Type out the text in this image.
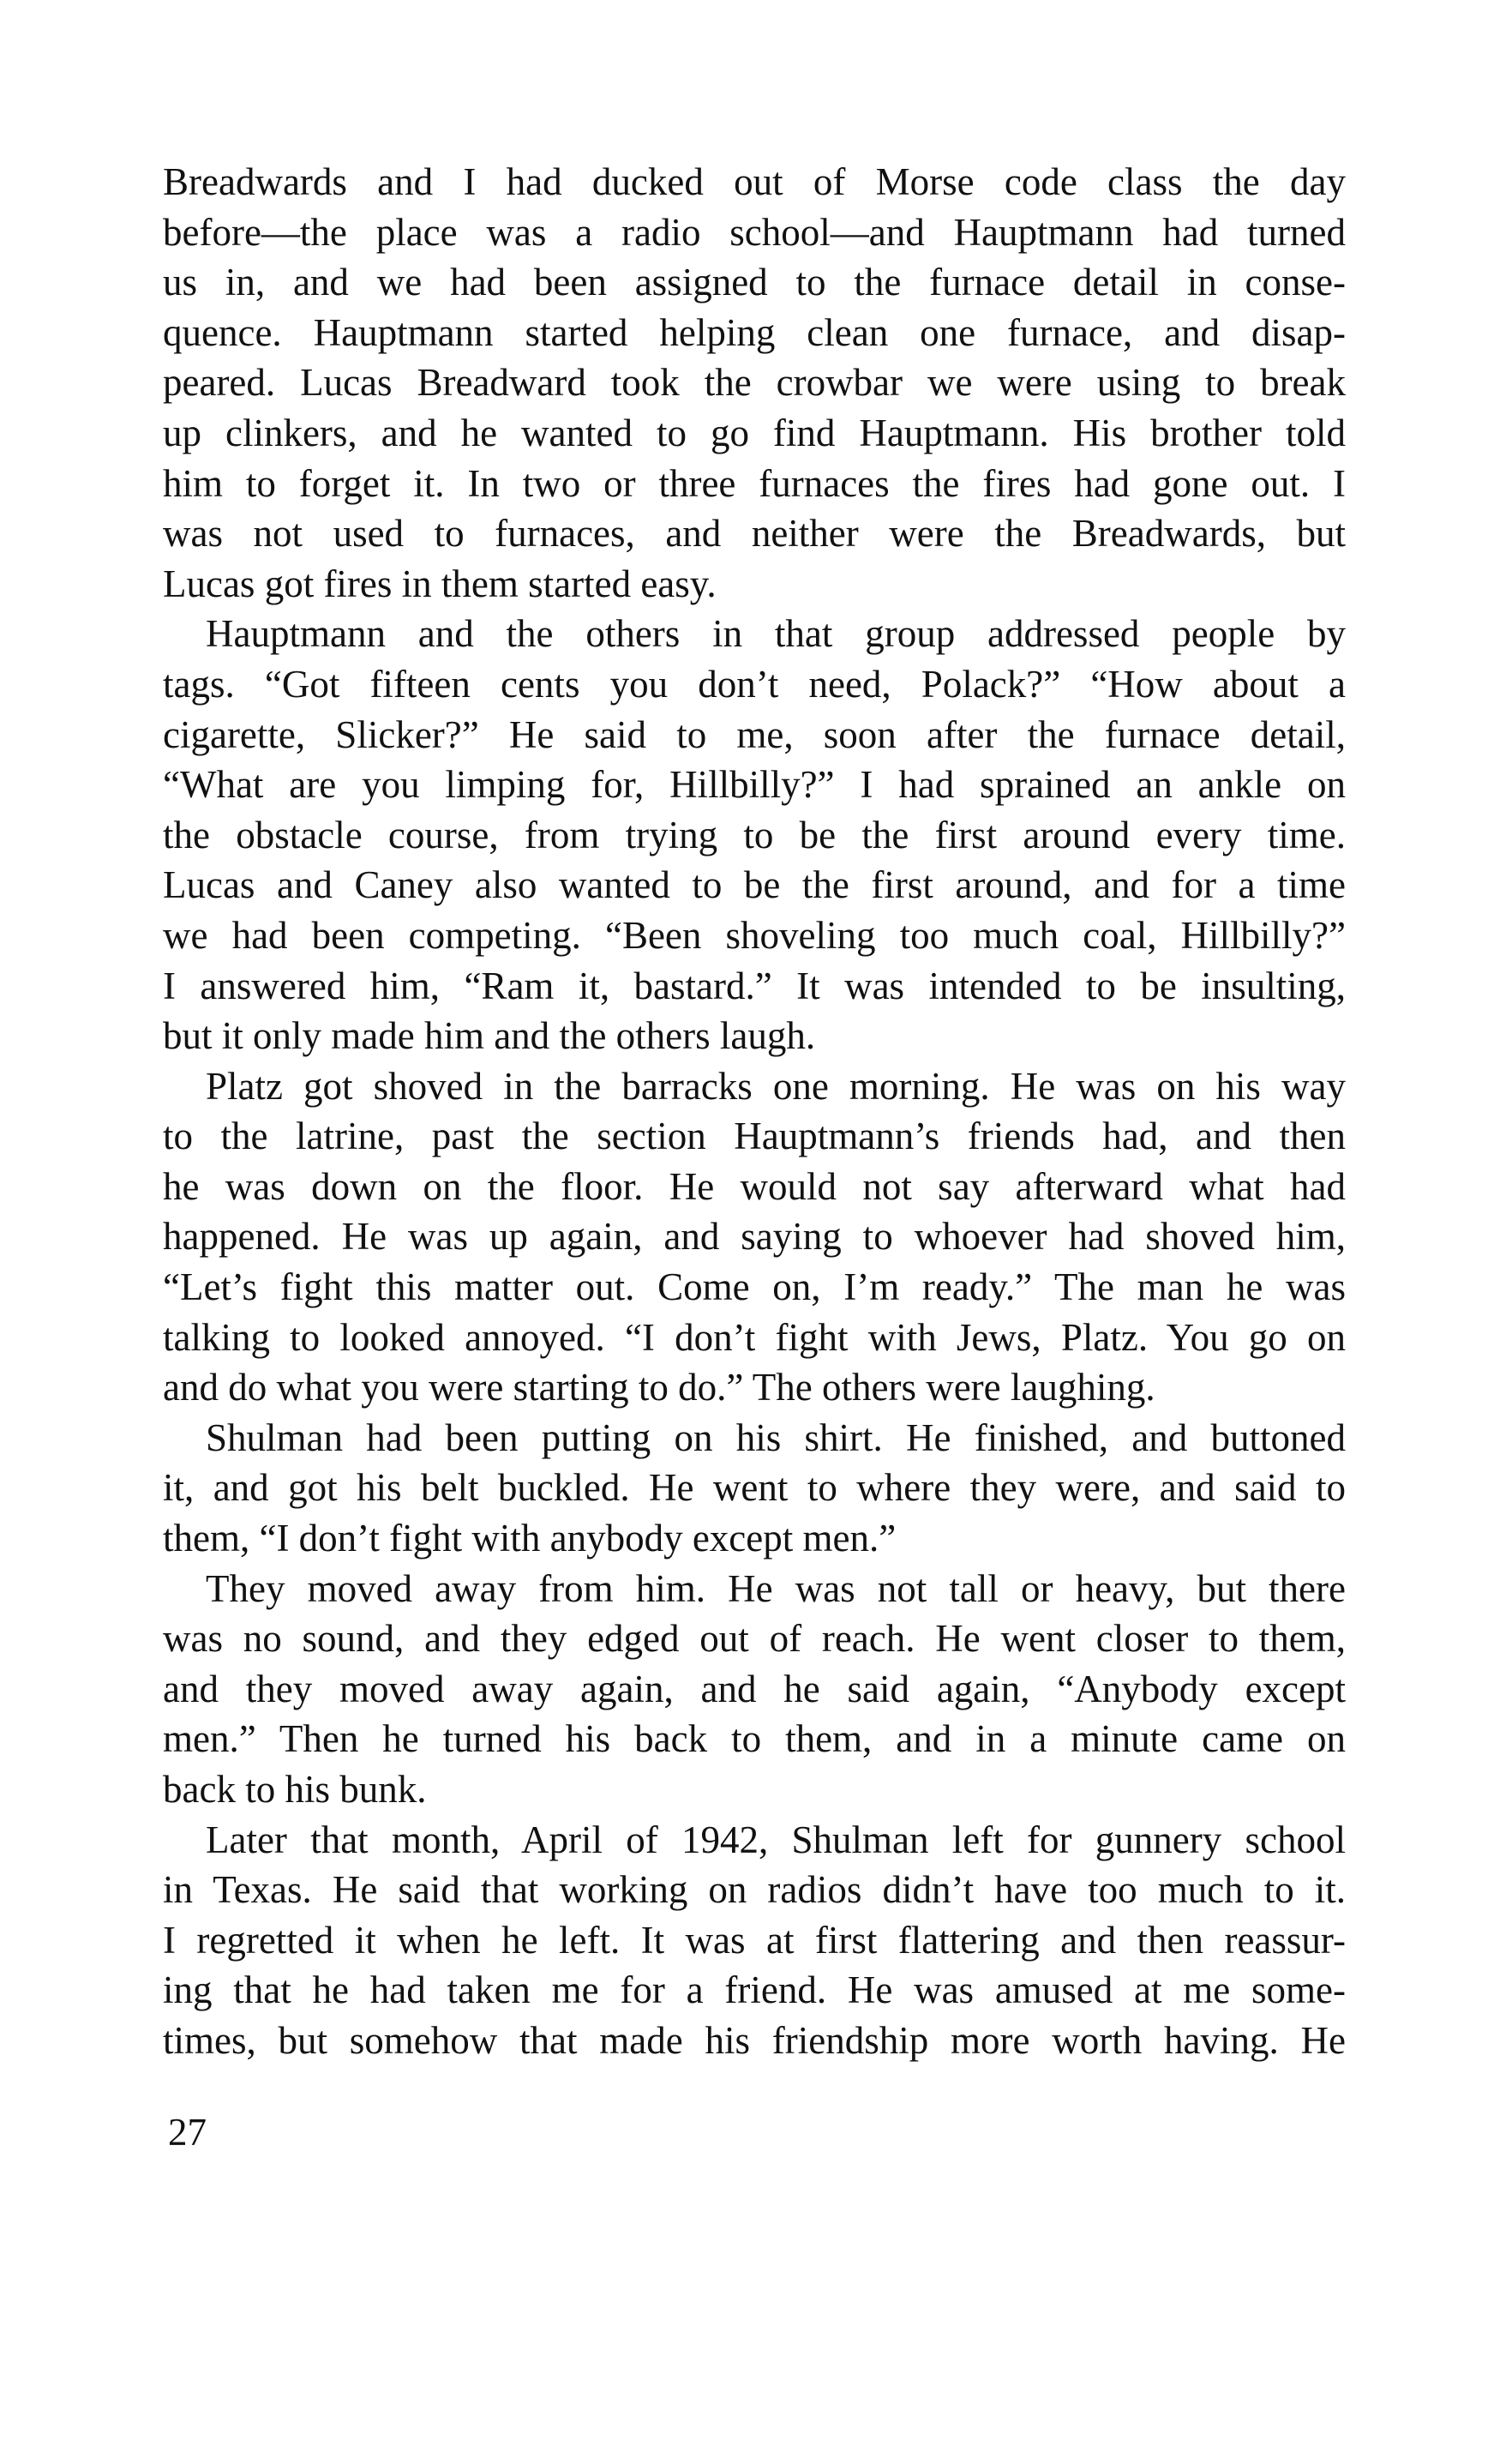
Breadwards and I had ducked out of Morse code class the day
before—the place was a radio school—and Hauptmann had turned
us in, and we had been assigned to the furnace detail in conse-
quence. Hauptmann started helping clean one furnace, and disap-
peared. Lucas Breadward took the crowbar we were using to break
up clinkers, and he wanted to go find Hauptmann. His brother told
him to forget it. In two or three furnaces the fires had gone out. I
was not used to furnaces, and neither were the Breadwards, but
Lucas got fires in them started easy.
Hauptmann and the others in that group addressed people by
tags. “Got fifteen cents you don’t need, Polack?” “How about a
cigarette, Slicker?” He said to me, soon after the furnace detail,
“What are you limping for, Hillbilly?” I had sprained an ankle on
the obstacle course, from trying to be the first around every time.
Lucas and Caney also wanted to be the first around, and for a time
we had been competing. “Been shoveling too much coal, Hillbilly?”
I answered him, “Ram it, bastard.” It was intended to be insulting,
but it only made him and the others laugh.
Platz got shoved in the barracks one morning. He was on his way
to the latrine, past the section Hauptmann’s friends had, and then
he was down on the floor. He would not say afterward what had
happened. He was up again, and saying to whoever had shoved him,
“Let’s fight this matter out. Come on, I’m ready.” The man he was
talking to looked annoyed. “I don’t fight with Jews, Platz. You go on
and do what you were starting to do.” The others were laughing.
Shulman had been putting on his shirt. He finished, and buttoned
it, and got his belt buckled. He went to where they were, and said to
them, “I don’t fight with anybody except men.”
They moved away from him. He was not tall or heavy, but there
was no sound, and they edged out of reach. He went closer to them,
and they moved away again, and he said again, “Anybody except
men.” Then he turned his back to them, and in a minute came on
back to his bunk.
Later that month, April of 1942, Shulman left for gunnery school
in Texas. He said that working on radios didn’t have too much to it.
I regretted it when he left. It was at first flattering and then reassur-
ing that he had taken me for a friend. He was amused at me some-
times, but somehow that made his friendship more worth having. He
27
